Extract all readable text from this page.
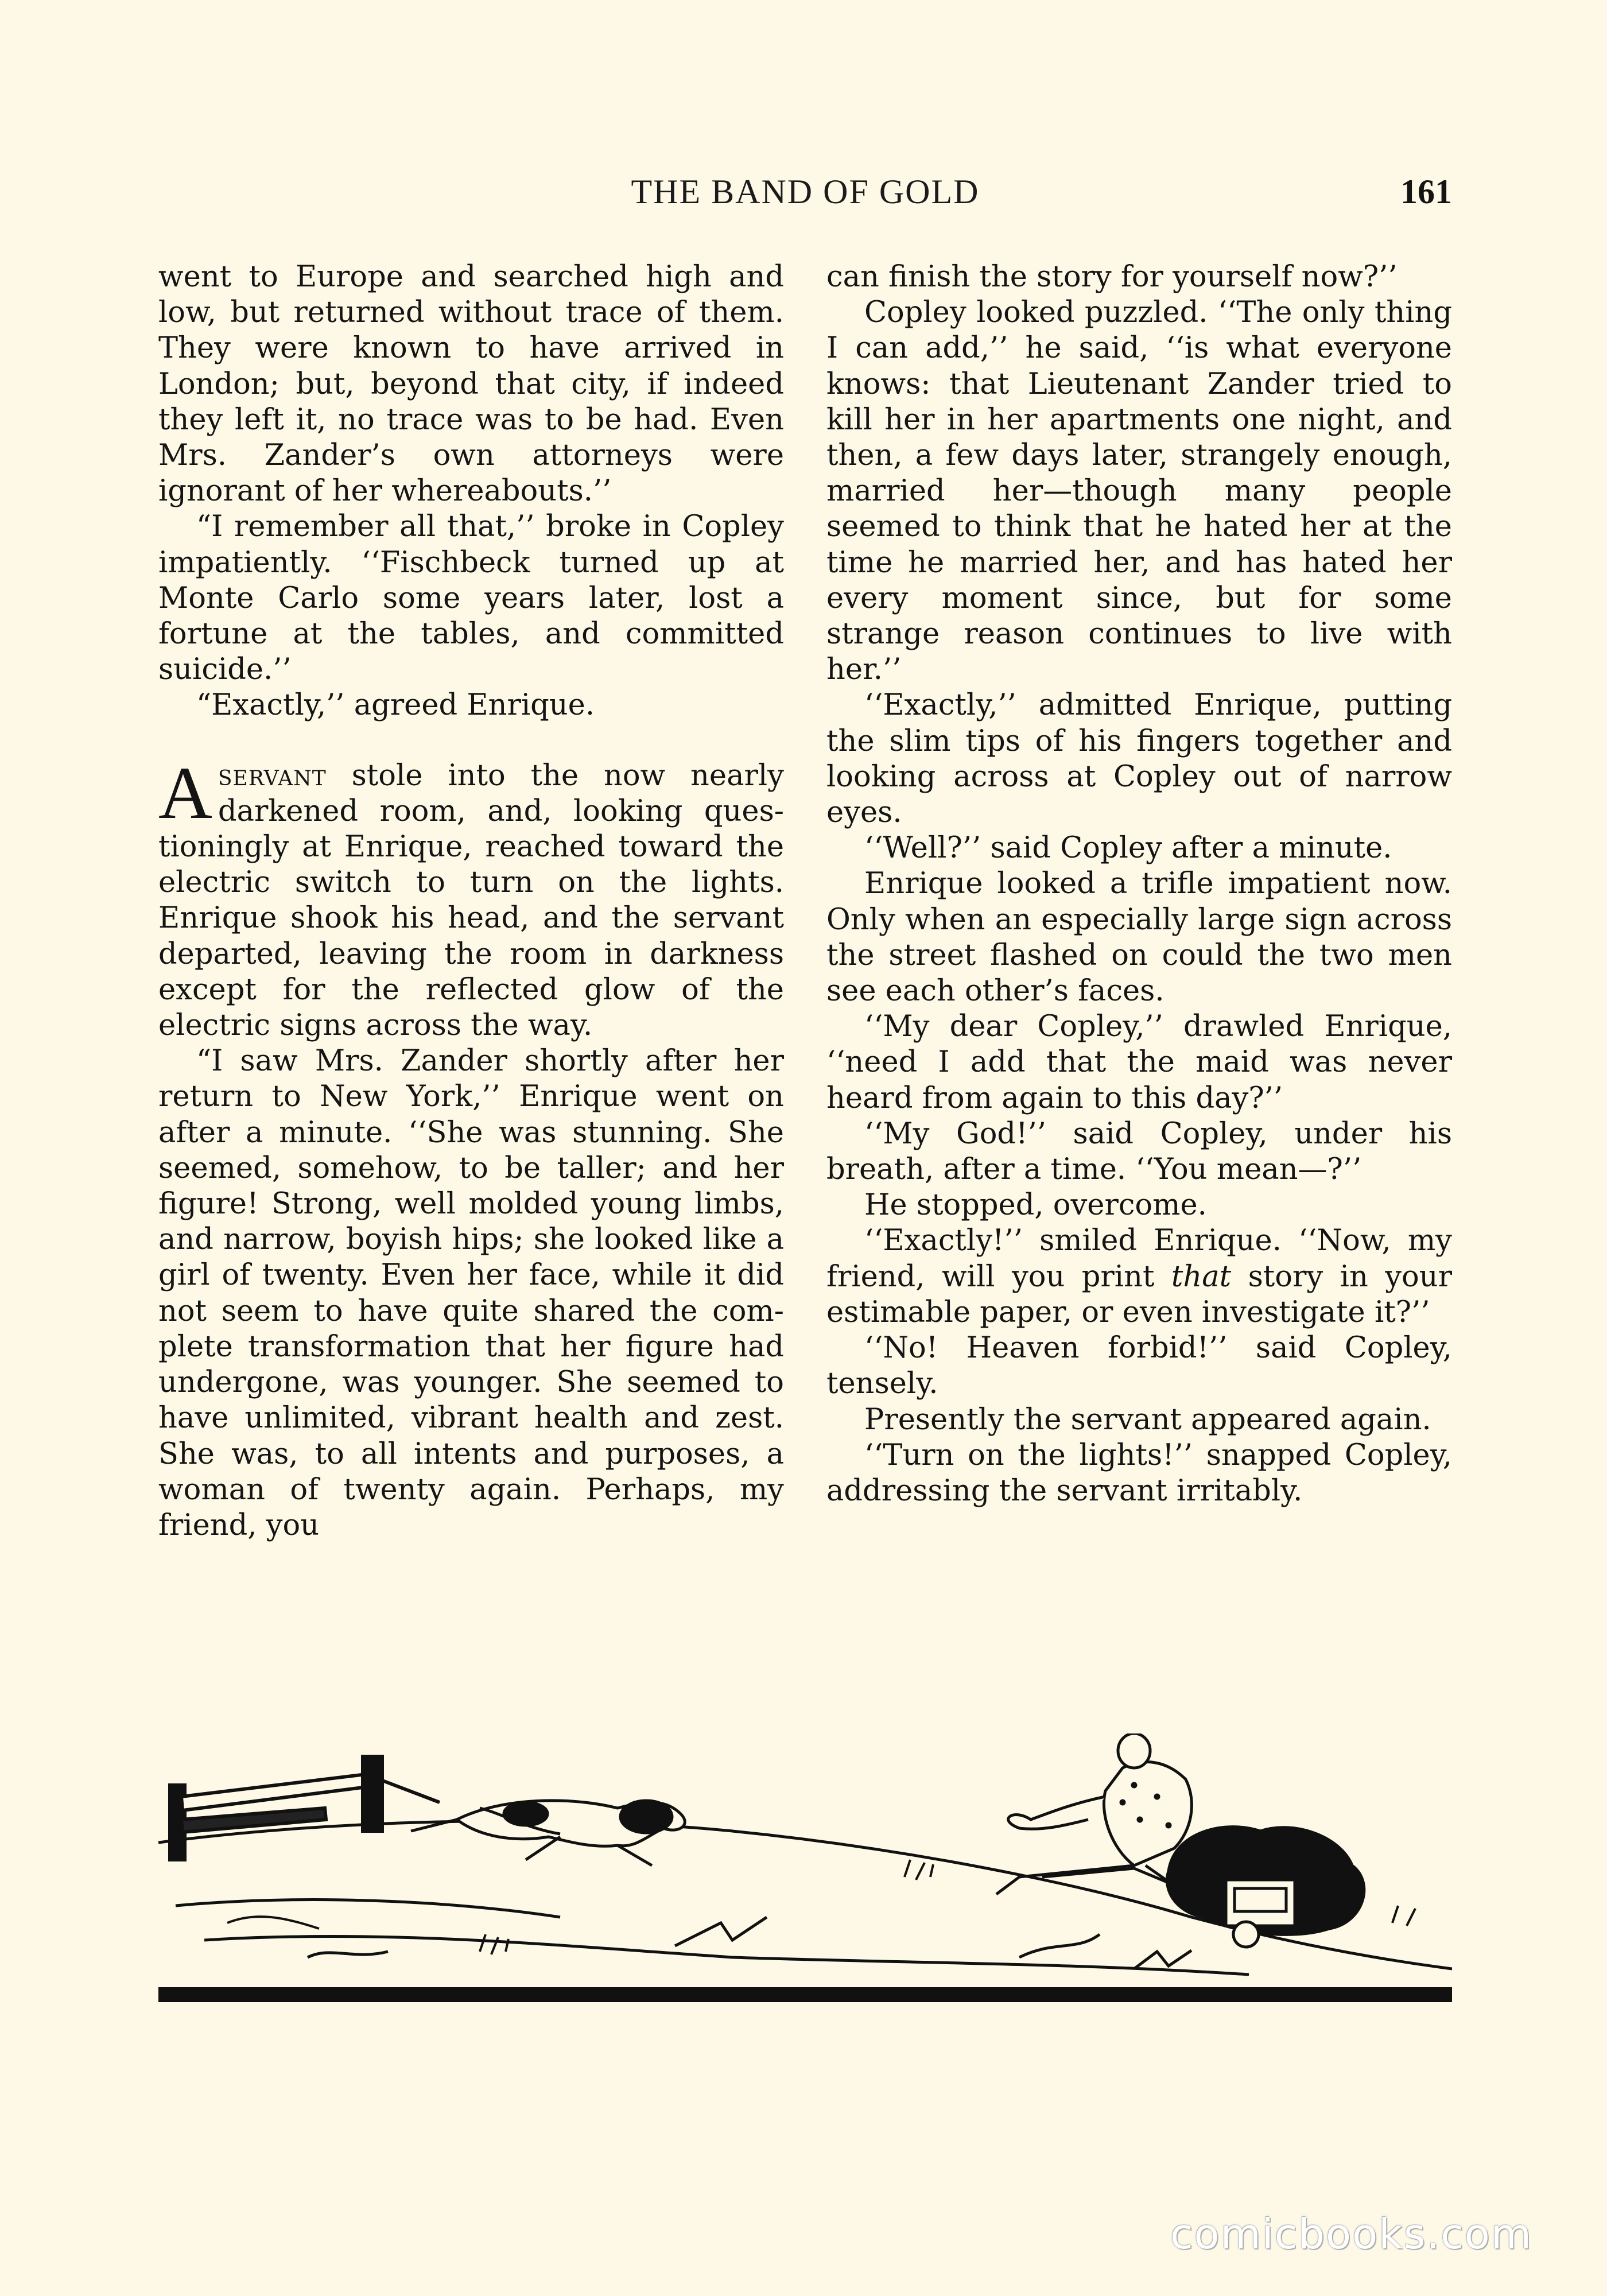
THE BAND OF GOLD	161

went to Europe and searched high and low, but returned without trace of them. They were known to have arrived in London; but, beyond that city, if indeed they left it, no trace was to be had. Even Mrs. Zander’s own attorneys were ignorant of her whereabouts.’’

“I remember all that,’’ broke in Copley impatiently. ‘‘Fischbeck turned up at Monte Carlo some years later, lost a fortune at the tables, and committed suicide.’’

“Exactly,’’ agreed Enrique.

Aservant stole into the now nearly darkened room, and, looking questioningly at Enrique, reached toward the electric switch to turn on the lights. Enrique shook his head, and the servant departed, leaving the room in darkness except for the reflected glow of the electric signs across the way.

“I saw Mrs. Zander shortly after her return to New York,’’ Enrique went on after a minute. ‘‘She was stunning. She seemed, somehow, to be taller; and her figure! Strong, well molded young limbs, and narrow, boyish hips; she looked like a girl of twenty. Even her face, while it did not seem to have quite shared the complete transformation that her figure had undergone, was younger. She seemed to have unlimited, vibrant health and zest. She was, to all intents and purposes, a woman of twenty again. Perhaps, my friend, you

can finish the story for yourself now?’’

Copley looked puzzled. ‘‘The only thing I can add,’’ he said, ‘‘is what everyone knows: that Lieutenant Zander tried to kill her in her apartments one night, and then, a few days later, strangely enough, married her—though many people seemed to think that he hated her at the time he married her, and has hated her every moment since, but for some strange reason continues to live with her.’’

‘‘Exactly,’’ admitted Enrique, putting the slim tips of his fingers together and looking across at Copley out of narrow eyes.

‘‘Well?’’ said Copley after a minute.

Enrique looked a trifle impatient now. Only when an especially large sign across the street flashed on could the two men see each other’s faces.

‘‘My dear Copley,’’ drawled Enrique, ‘‘need I add that the maid was never heard from again to this day?’’

‘‘My God!’’ said Copley, under his breath, after a time. ‘‘You mean—?’’

He stopped, overcome.

‘‘Exactly!’’ smiled Enrique. ‘‘Now, my friend, will you print that story in your estimable paper, or even investigate it?’’

‘‘No! Heaven forbid!’’ said Copley, tensely.

Presently the servant appeared again.

‘‘Turn on the lights!’’ snapped Copley, addressing the servant irritably.

comicbooks.com
